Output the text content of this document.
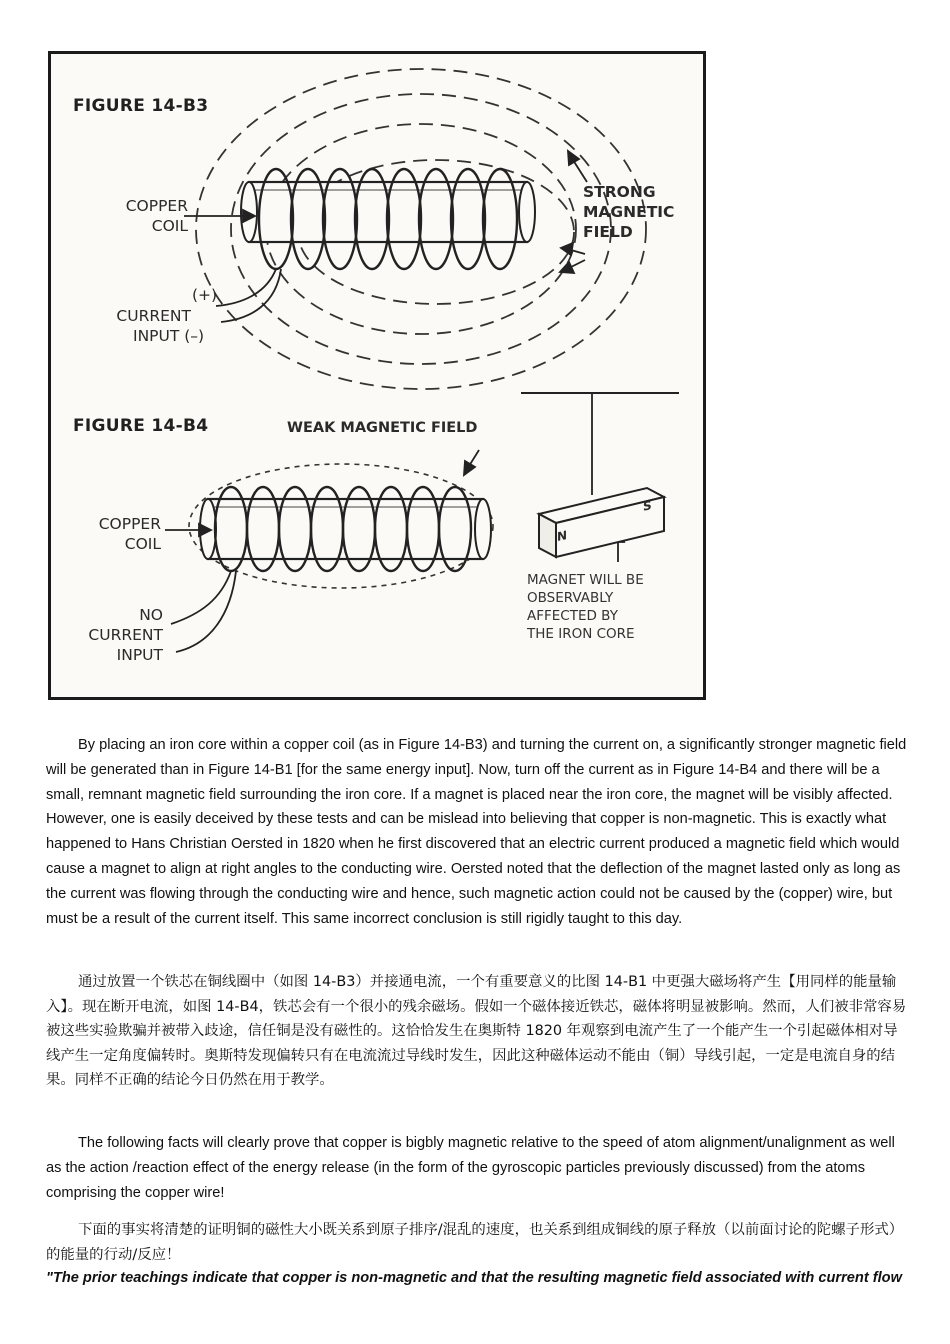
FIGURE 14-B3
COPPER
COIL
(+)
CURRENT
INPUT (–)
STRONG
MAGNETIC
FIELD
FIGURE 14-B4	WEAK MAGNETIC FIELD
COPPER
COIL
NO
CURRENT
INPUT
N
S
MAGNET WILL BE
OBSERVABLY
AFFECTED BY
THE IRON CORE

By placing an iron core within a copper coil (as in Figure 14-B3) and turning the current on, a significantly stronger magnetic field will be generated than in Figure 14-B1 [for the same energy input]. Now, turn off the current as in Figure 14-B4 and there will be a small, remnant magnetic field surrounding the iron core. If a magnet is placed near the iron core, the magnet will be visibly affected. However, one is easily deceived by these tests and can be mislead into believing that copper is non-magnetic. This is exactly what happened to Hans Christian Oersted in 1820 when he first discovered that an electric current produced a magnetic field which would cause a magnet to align at right angles to the conducting wire. Oersted noted that the deflection of the magnet lasted only as long as the current was flowing through the conducting wire and hence, such magnetic action could not be caused by the (copper) wire, but must be a result of the current itself. This same incorrect conclusion is still rigidly taught to this day.

通过放置一个铁芯在铜线圈中（如图 14-B3）并接通电流，一个有重要意义的比图 14-B1 中更强大磁场将产生【用同样的能量输入】。现在断开电流，如图 14-B4，铁芯会有一个很小的残余磁场。假如一个磁体接近铁芯，磁体将明显被影响。然而，人们被非常容易被这些实验欺骗并被带入歧途，信任铜是没有磁性的。这恰恰发生在奥斯特 1820 年观察到电流产生了一个能产生一个引起磁体相对导线产生一定角度偏转时。奥斯特发现偏转只有在电流流过导线时发生，因此这种磁体运动不能由（铜）导线引起，一定是电流自身的结果。同样不正确的结论今日仍然在用于教学。

The following facts will clearly prove that copper is bigbly magnetic relative to the speed of atom alignment/unalignment as well as the action /reaction effect of the energy release (in the form of the gyroscopic particles previously discussed) from the atoms comprising the copper wire!

下面的事实将清楚的证明铜的磁性大小既关系到原子排序/混乱的速度，也关系到组成铜线的原子释放（以前面讨论的陀螺子形式）的能量的行动/反应！

"The prior teachings indicate that copper is non-magnetic and that the resulting magnetic field associated with current flow
